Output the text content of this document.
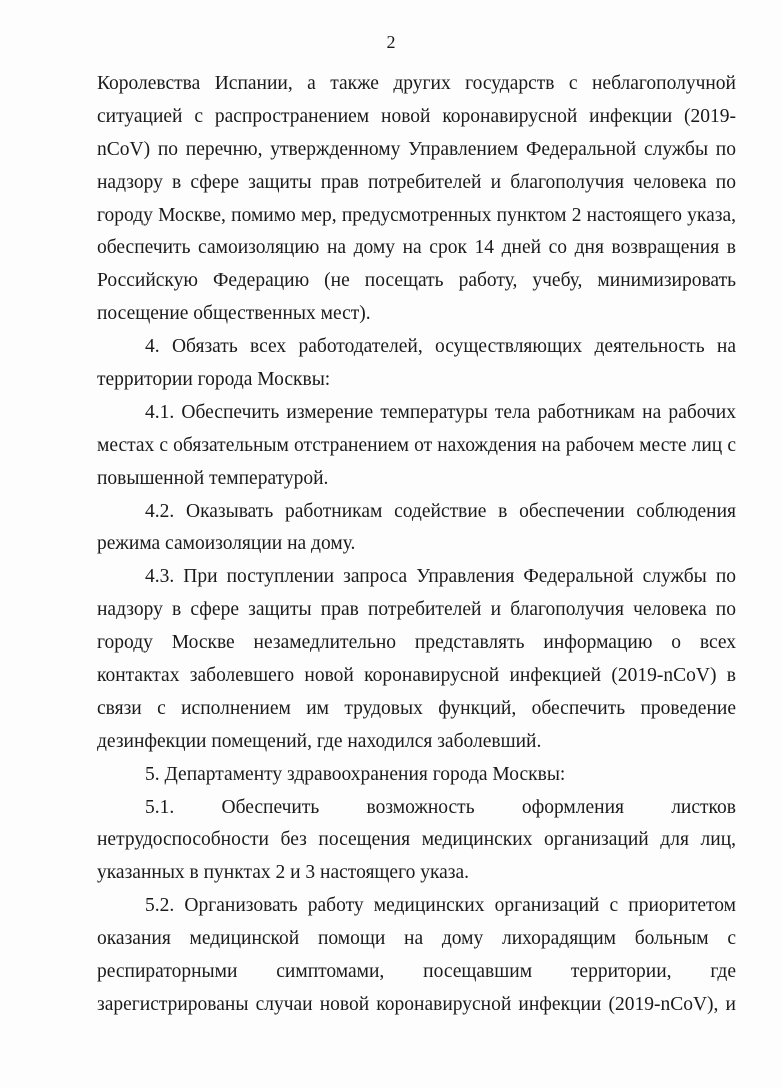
2
Королевства Испании, а также других государств с неблагополучной
ситуацией с распространением новой коронавирусной инфекции (2019-
nCoV) по перечню, утвержденному Управлением Федеральной службы по
надзору в сфере защиты прав потребителей и благополучия человека по
городу Москве, помимо мер, предусмотренных пунктом 2 настоящего указа,
обеспечить самоизоляцию на дому на срок 14 дней со дня возвращения в
Российскую Федерацию (не посещать работу, учебу, минимизировать
посещение общественных мест).
4. Обязать всех работодателей, осуществляющих деятельность на
территории города Москвы:
4.1. Обеспечить измерение температуры тела работникам на рабочих
местах с обязательным отстранением от нахождения на рабочем месте лиц с
повышенной температурой.
4.2. Оказывать работникам содействие в обеспечении соблюдения
режима самоизоляции на дому.
4.3. При поступлении запроса Управления Федеральной службы по
надзору в сфере защиты прав потребителей и благополучия человека по
городу Москве незамедлительно представлять информацию о всех
контактах заболевшего новой коронавирусной инфекцией (2019-nCoV) в
связи с исполнением им трудовых функций, обеспечить проведение
дезинфекции помещений, где находился заболевший.
5. Департаменту здравоохранения города Москвы:
5.1. Обеспечить возможность оформления листков
нетрудоспособности без посещения медицинских организаций для лиц,
указанных в пунктах 2 и 3 настоящего указа.
5.2. Организовать работу медицинских организаций с приоритетом
оказания медицинской помощи на дому лихорадящим больным с
респираторными симптомами, посещавшим территории, где
зарегистрированы случаи новой коронавирусной инфекции (2019-nCoV), и
